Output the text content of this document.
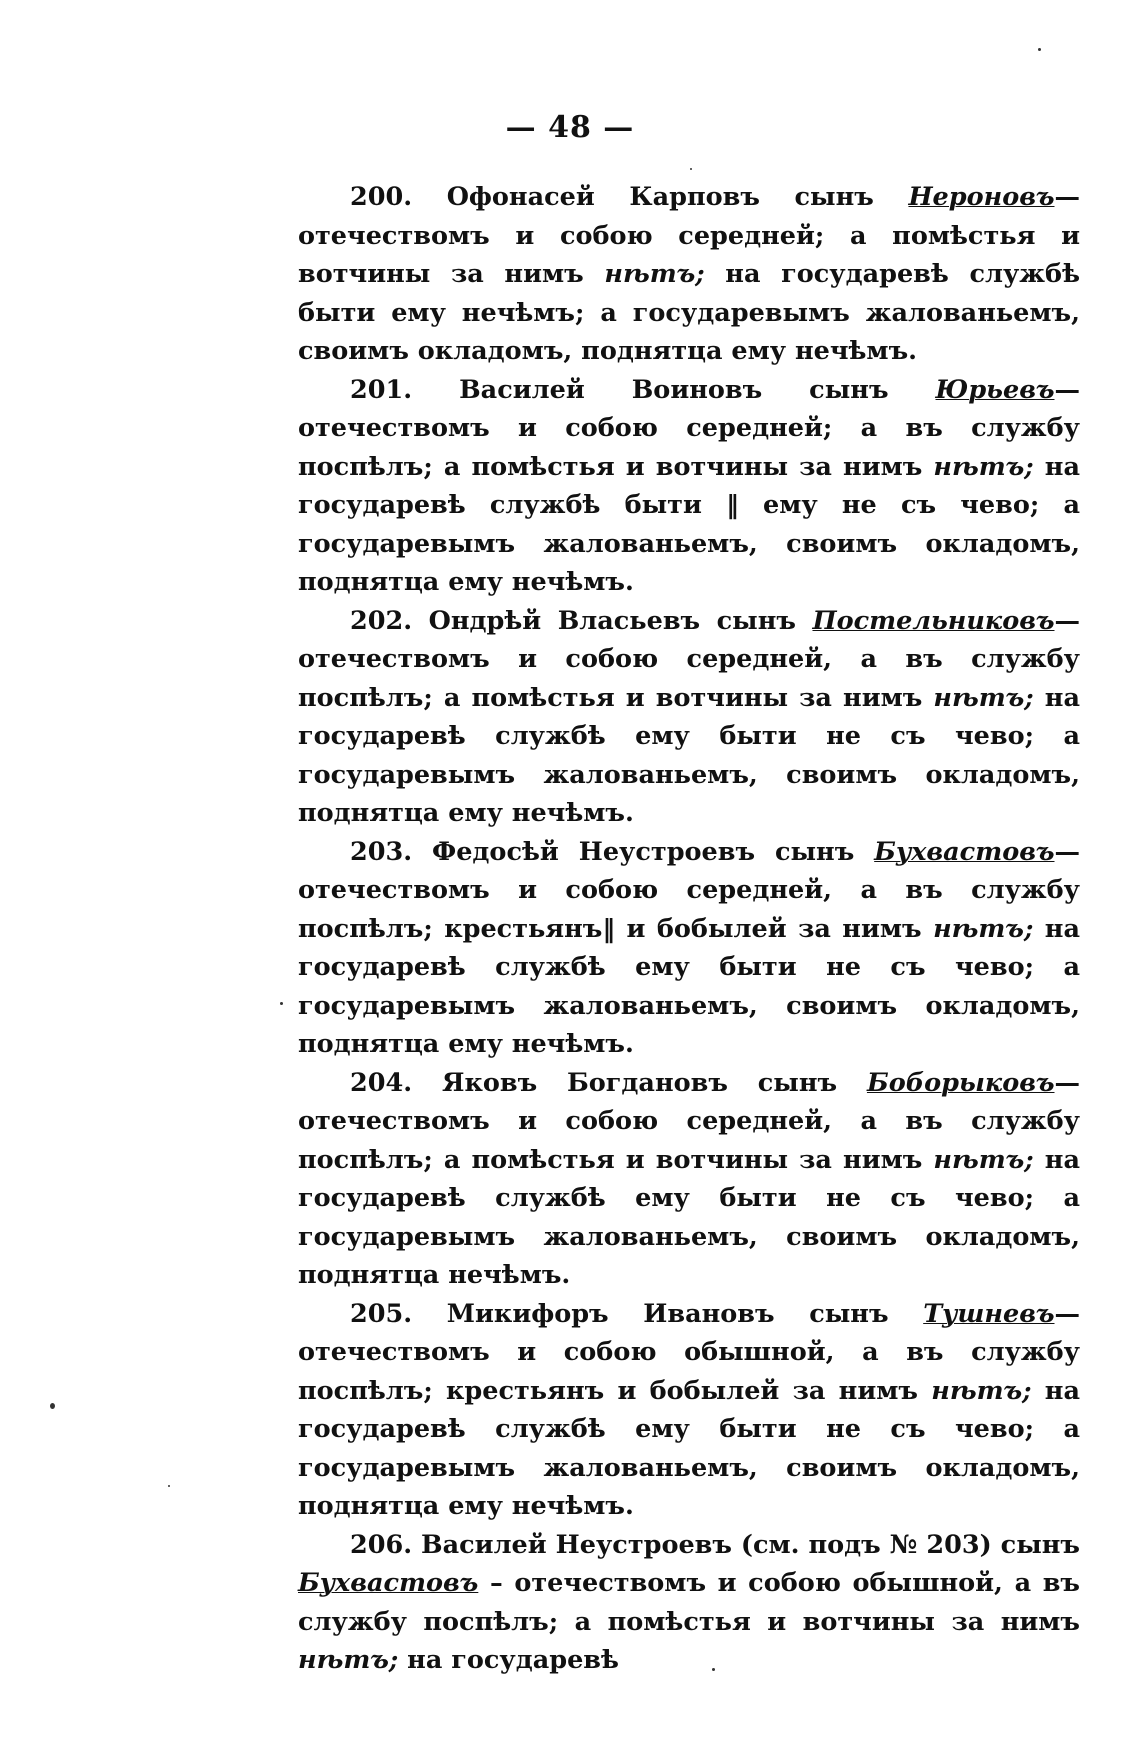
— 48 —

200. Офонасей Карповъ сынъ Нероновъ—отечествомъ и собою середней; а помѣстья и вотчины за нимъ нѣтъ; на государевѣ службѣ быти ему нечѣмъ; а государевымъ жалованьемъ, своимъ окладомъ, поднятца ему нечѣмъ.

201. Василей Воиновъ сынъ Юрьевъ—отечествомъ и собою середней; а въ службу поспѣлъ; а помѣстья и вотчины за нимъ нѣтъ; на государевѣ службѣ быти ‖ ему не съ чево; а государевымъ жалованьемъ, своимъ окладомъ, поднятца ему нечѣмъ.

202. Ондрѣй Власьевъ сынъ Постельниковъ—отечествомъ и собою середней, а въ службу поспѣлъ; а помѣстья и вотчины за нимъ нѣтъ; на государевѣ службѣ ему быти не съ чево; а государевымъ жалованьемъ, своимъ окладомъ, поднятца ему нечѣмъ.

203. Федосѣй Неустроевъ сынъ Бухвастовъ—отечествомъ и собою середней, а въ службу поспѣлъ; крестьянъ‖ и бобылей за нимъ нѣтъ; на государевѣ службѣ ему быти не съ чево; а государевымъ жалованьемъ, своимъ окладомъ, поднятца ему нечѣмъ.

204. Яковъ Богдановъ сынъ Боборыковъ—отечествомъ и собою середней, а въ службу поспѣлъ; а помѣстья и вотчины за нимъ нѣтъ; на государевѣ службѣ ему быти не съ чево; а государевымъ жалованьемъ, своимъ окладомъ, поднятца нечѣмъ.

205. Микифоръ Ивановъ сынъ Тушневъ—отечествомъ и собою обышной, а въ службу поспѣлъ; крестьянъ и бобылей за нимъ нѣтъ; на государевѣ службѣ ему быти не съ чево; а государевымъ жалованьемъ, своимъ окладомъ, поднятца ему нечѣмъ.

206. Василей Неустроевъ (см. подъ № 203) сынъ Бухвастовъ – отечествомъ и собою обышной, а въ службу поспѣлъ; а помѣстья и вотчины за нимъ нѣтъ; на государевѣ
